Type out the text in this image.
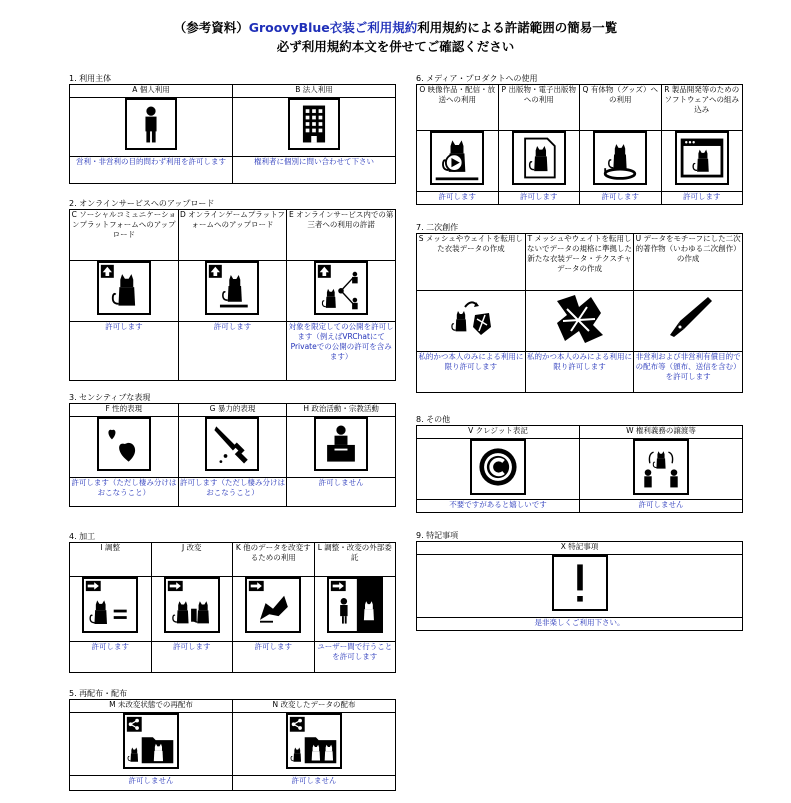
（参考資料）GroovyBlue衣装ご利用規約利用規約による許諾範囲の簡易一覧
必ず利用規約本文を併せてご確認ください
1. 利用主体
A 個人利用	B 法人利用

営利・非営利の目的問わず利用を許可します	権利者に個別に問い合わせて下さい
2. オンラインサービスへのアップロード
C ソーシャルコミュニケーションプラットフォームへのアップロード	D オンラインゲームプラットフォームへのアップロード	E オンラインサービス内での第三者への利用の許諾

許可します	許可します	対象を限定しての公開を許可します（例えばVRChatにてPrivateでの公開の許可を含みます）
3. センシティブな表現
F 性的表現	G 暴力的表現	H 政治活動・宗教活動

許可します（ただし棲み分けはおこなうこと）	許可します（ただし棲み分けはおこなうこと）	許可しません
4. 加工
I 調整	J 改変	K 他のデータを改変するための利用	L 調整・改変の外部委託

許可します	許可します	許可します	ユーザー間で行うことを許可します
5. 再配布・配布
M 未改変状態での再配布	N 改変したデータの配布

許可しません	許可しません
6. メディア・プロダクトへの使用
O 映像作品・配信・放送への利用	P 出版物・電子出版物への利用	Q 有体物（グッズ）への利用	R 製品開発等のためのソフトウェアへの組み込み

許可します	許可します	許可します	許可します
7. 二次創作
S メッシュやウェイトを転用した衣装データの作成	T メッシュやウェイトを転用しないでデータの規格に準拠した新たな衣装データ・テクスチャデータの作成	U データをモチーフにした二次的著作物（いわゆる二次創作）の作成

私的かつ本人のみによる利用に限り許可します	私的かつ本人のみによる利用に限り許可します	非営利および非営利有償目的での配布等（頒布、送信を含む）を許可します
8. その他
V クレジット表記	W 権利義務の譲渡等

不要ですがあると嬉しいです	許可しません
9. 特記事項
X 特記事項

是非楽しくご利用下さい。
